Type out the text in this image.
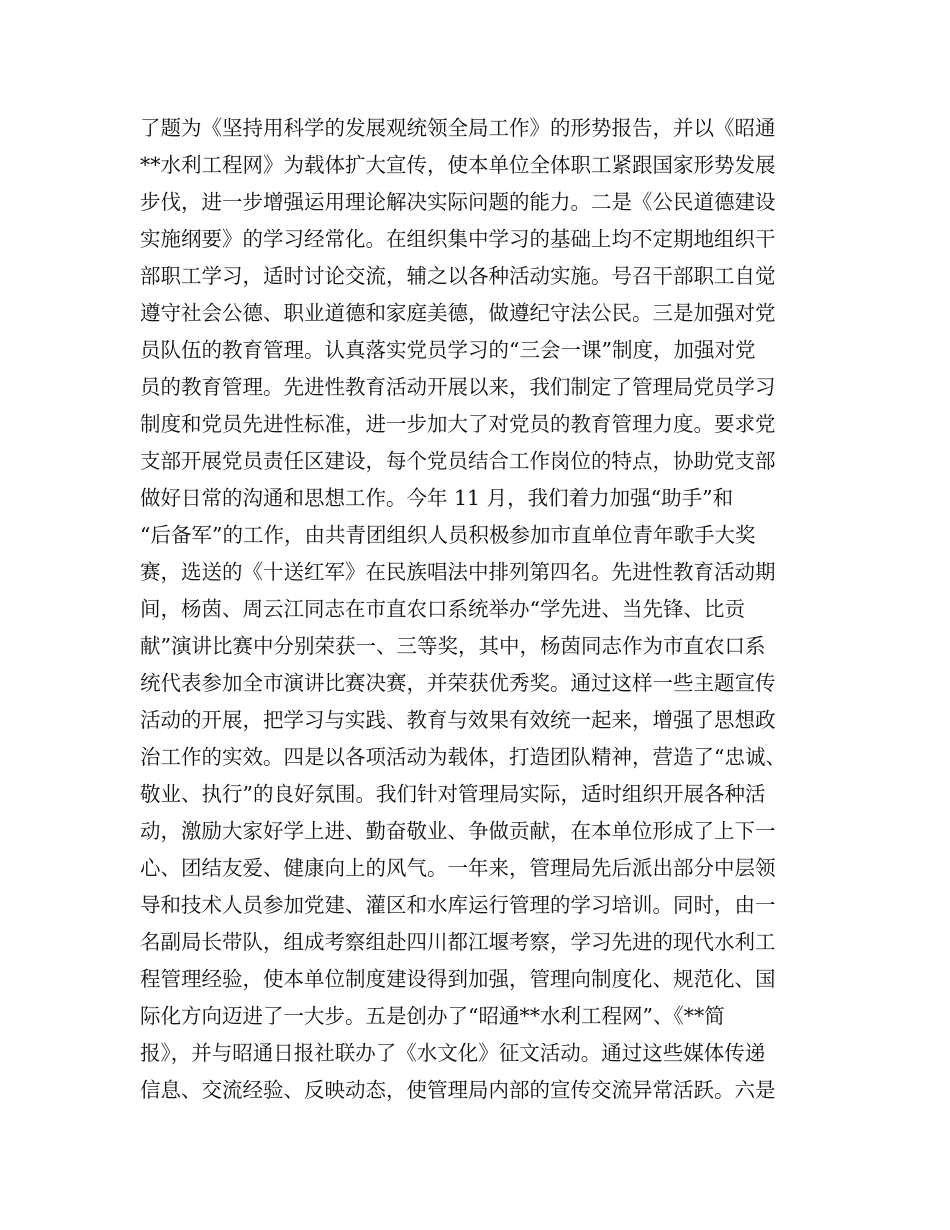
了题为《坚持用科学的发展观统领全局工作》的形势报告，并以《昭通
**水利工程网》为载体扩大宣传，使本单位全体职工紧跟国家形势发展
步伐，进一步增强运用理论解决实际问题的能力。二是《公民道德建设
实施纲要》的学习经常化。在组织集中学习的基础上均不定期地组织干
部职工学习，适时讨论交流，辅之以各种活动实施。号召干部职工自觉
遵守社会公德、职业道德和家庭美德，做遵纪守法公民。三是加强对党
员队伍的教育管理。认真落实党员学习的“三会一课”制度，加强对党
员的教育管理。先进性教育活动开展以来，我们制定了管理局党员学习
制度和党员先进性标准，进一步加大了对党员的教育管理力度。要求党
支部开展党员责任区建设，每个党员结合工作岗位的特点，协助党支部
做好日常的沟通和思想工作。今年 11 月，我们着力加强“助手”和
“后备军”的工作，由共青团组织人员积极参加市直单位青年歌手大奖
赛，选送的《十送红军》在民族唱法中排列第四名。先进性教育活动期
间，杨茵、周云江同志在市直农口系统举办“学先进、当先锋、比贡
献”演讲比赛中分别荣获一、三等奖，其中，杨茵同志作为市直农口系
统代表参加全市演讲比赛决赛，并荣获优秀奖。通过这样一些主题宣传
活动的开展，把学习与实践、教育与效果有效统一起来，增强了思想政
治工作的实效。四是以各项活动为载体，打造团队精神，营造了“忠诚、
敬业、执行”的良好氛围。我们针对管理局实际，适时组织开展各种活
动，激励大家好学上进、勤奋敬业、争做贡献，在本单位形成了上下一
心、团结友爱、健康向上的风气。一年来，管理局先后派出部分中层领
导和技术人员参加党建、灌区和水库运行管理的学习培训。同时，由一
名副局长带队，组成考察组赴四川都江堰考察，学习先进的现代水利工
程管理经验，使本单位制度建设得到加强，管理向制度化、规范化、国
际化方向迈进了一大步。五是创办了“昭通**水利工程网”、《**简
报》，并与昭通日报社联办了《水文化》征文活动。通过这些媒体传递
信息、交流经验、反映动态，使管理局内部的宣传交流异常活跃。六是
